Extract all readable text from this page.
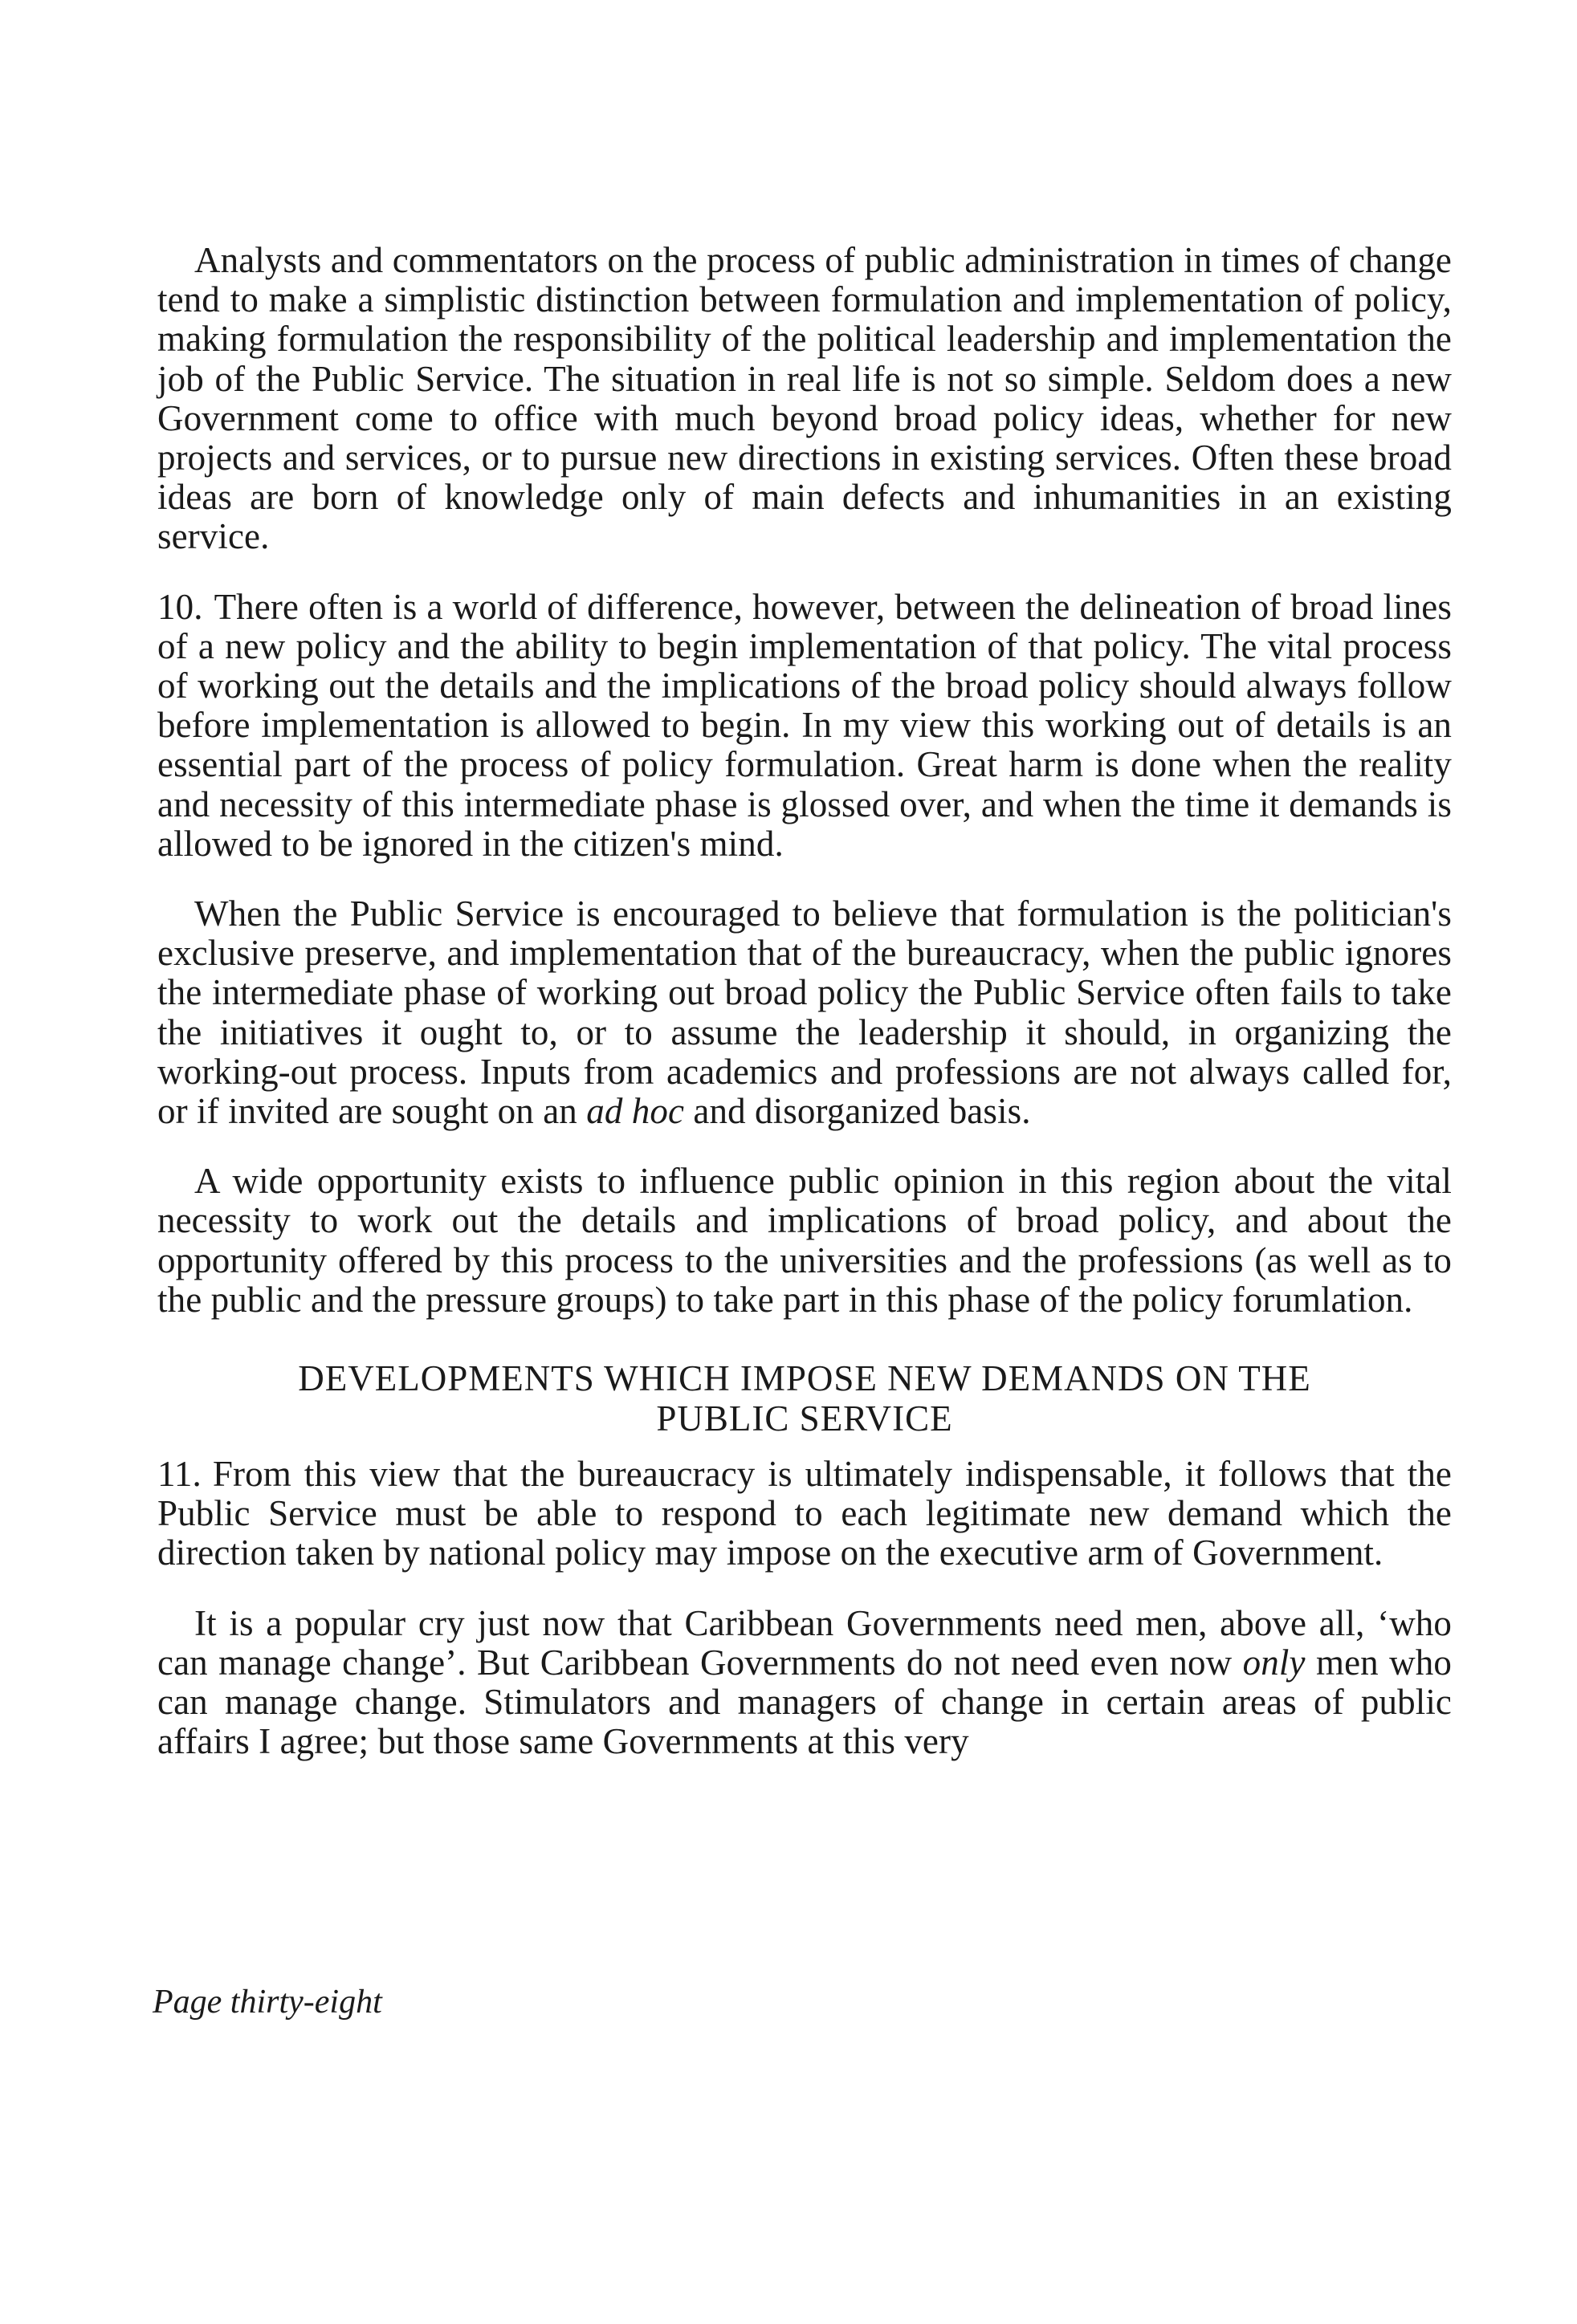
Analysts and commentators on the process of public administration in times of change tend to make a simplistic distinction between formulation and implementation of policy, making formulation the responsibility of the political leadership and implementation the job of the Public Service. The situation in real life is not so simple. Seldom does a new Government come to office with much beyond broad policy ideas, whether for new projects and services, or to pursue new directions in existing services. Often these broad ideas are born of knowledge only of main defects and inhumanities in an existing service.

10. There often is a world of difference, however, between the delineation of broad lines of a new policy and the ability to begin implementation of that policy. The vital process of working out the details and the implications of the broad policy should always follow before implementation is allowed to begin. In my view this working out of details is an essential part of the process of policy formulation. Great harm is done when the reality and necessity of this intermediate phase is glossed over, and when the time it demands is allowed to be ignored in the citizen's mind.

When the Public Service is encouraged to believe that formulation is the politician's exclusive preserve, and implementation that of the bureaucracy, when the public ignores the intermediate phase of working out broad policy the Public Service often fails to take the initiatives it ought to, or to assume the leadership it should, in organizing the working-out process. Inputs from academics and professions are not always called for, or if invited are sought on an ad hoc and disorganized basis.

A wide opportunity exists to influence public opinion in this region about the vital necessity to work out the details and implications of broad policy, and about the opportunity offered by this process to the universities and the professions (as well as to the public and the pressure groups) to take part in this phase of the policy forumlation.

DEVELOPMENTS WHICH IMPOSE NEW DEMANDS ON THE
PUBLIC SERVICE

11. From this view that the bureaucracy is ultimately indispensable, it follows that the Public Service must be able to respond to each legitimate new demand which the direction taken by national policy may impose on the executive arm of Government.

It is a popular cry just now that Caribbean Governments need men, above all, ‘who can manage change’. But Caribbean Governments do not need even now only men who can manage change. Stimulators and managers of change in certain areas of public affairs I agree; but those same Governments at this very

Page thirty-eight
